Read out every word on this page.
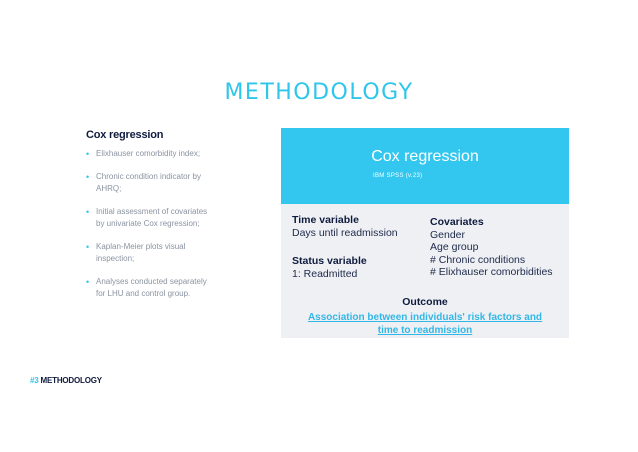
METHODOLOGY
Cox regression
• Elixhauser comorbidity index;
• Chronic condition indicator by
AHRQ;
• Initial assessment of covariates
by univariate Cox regression;
• Kaplan-Meier plots visual
inspection;
• Analyses conducted separately
for LHU and control group.
Cox regression
IBM SPSS (v.23)
Time variable
Days until readmission
Status variable
1: Readmitted
Covariates
Gender
Age group
# Chronic conditions
# Elixhauser comorbidities
Outcome
Association between individuals' risk factors and
time to readmission
#3 METHODOLOGY
